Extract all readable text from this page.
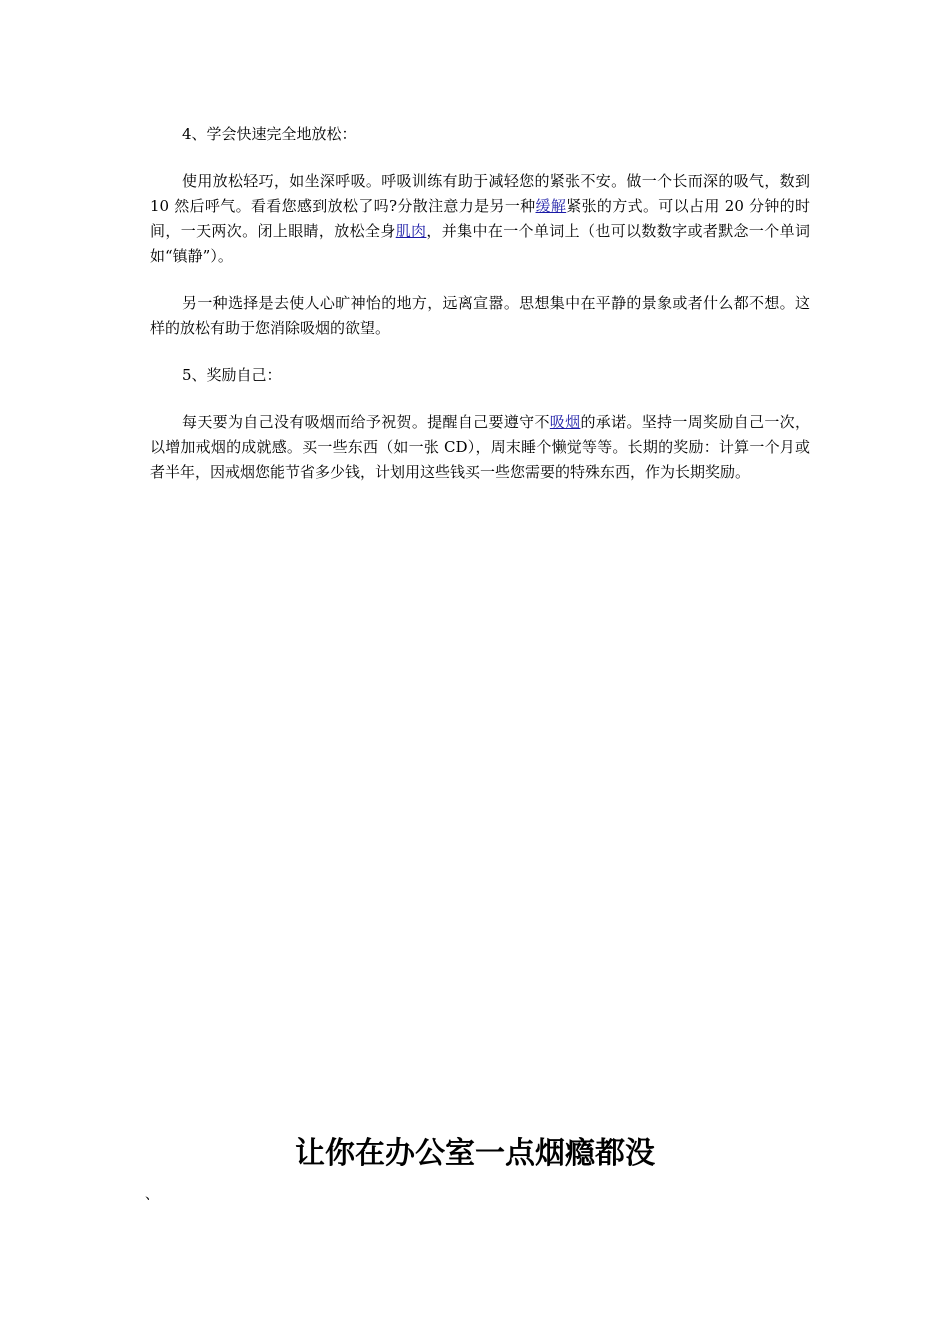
4、学会快速完全地放松：

使用放松轻巧，如坐深呼吸。呼吸训练有助于减轻您的紧张不安。做一个长而深的吸气，数到 10 然后呼气。看看您感到放松了吗?分散注意力是另一种缓解紧张的方式。可以占用 20 分钟的时间，一天两次。闭上眼睛，放松全身肌肉，并集中在一个单词上（也可以数数字或者默念一个单词如“镇静”）。

另一种选择是去使人心旷神怡的地方，远离宣嚣。思想集中在平静的景象或者什么都不想。这样的放松有助于您消除吸烟的欲望。

5、奖励自己：

每天要为自己没有吸烟而给予祝贺。提醒自己要遵守不吸烟的承诺。坚持一周奖励自己一次，以增加戒烟的成就感。买一些东西（如一张 CD），周末睡个懒觉等等。长期的奖励：计算一个月或者半年，因戒烟您能节省多少钱，计划用这些钱买一些您需要的特殊东西，作为长期奖励。

让你在办公室一点烟瘾都没
、
